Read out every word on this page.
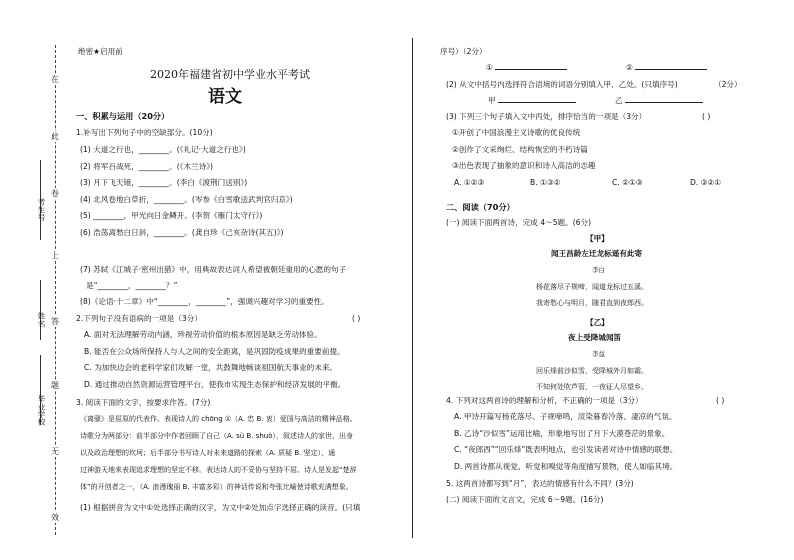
在
此
卷
上
答
题
无
效
考生号
姓名
毕业学校
绝密★启用前
2020年福建省初中学业水平考试
语文
一、积累与运用（20分）
1.补写出下列句子中的空缺部分。(10分)
(1) 大道之行也，________。(《礼记·大道之行也》)
(2) 将军百战死，________。(《木兰诗》)
(3) 月下飞天镜，________。(李白《渡荆门送别》)
(4) 北风卷地白草折，________。(岑参《白雪歌送武判官归京》)
(5) ________，甲光向日金鳞开。(李贺《雁门太守行》)
(6) 浩荡离愁白日斜，________。(龚自珍《己亥杂诗(其五)》)
(7) 苏轼《江城子·密州出猎》中，用典故表达词人希望被朝廷重用的心愿的句子
是“________，________？”
(8)《论语·十二章》中“________，________”，强调兴趣对学习的重要性。
2.下列句子没有语病的一项是（3分）	( )
A. 面对无法理解劳动内涵，珍视劳动价值的根本原因是缺乏劳动体验。
B. 能否在公众场所保持人与人之间的安全距离，是巩固防疫成果的重要前提。
C. 为加快边会的老科学家们攻解一堂，共鼓舞地畅谈祖国航天事业的未来。
D. 通过推动自然资源运营管理平台，使我市实现生态保护和经济发展的平衡。
3. 阅读下面的文字，按要求作答。(7分)
《离骚》是屈原的代表作。表现诗人的 chōng ①（A. 忠 B. 衷）爱国与高洁的精神品格。
诗歌分为两部分：前半部分中作者回顾了自己（A. sù B. shuò），叙述诗人的家世、出身
以及政治理想的坎坷；后半部分书写诗人对未来道路的探索（A. 质疑 B. 坚定），通
过神游天地来表现追求理想的坚定不移。表达诗人的不妥协与坚持不屈。诗人是发起“楚辞
体”的开创者之一，（A. 浪漫瑰丽 B. 丰富多彩）的神话传说和夸张比喻使诗歌充满想象。
(1) 根据拼音为文中①处选择正确的汉字，为文中②处加点字选择正确的读音。(只填
序号）（2分）
①	②
(2) 从文中括号内选择符合语境的词语分别填入甲、乙处。(只填序号)	（2分）
甲	乙
(3) 下列三个句子填入文中丙处，排序恰当的一项是（3分）	( )
①开创了中国浪漫主义诗歌的优良传统
②创作了文采绚烂、结构恢宏的不朽诗篇
③出色表现了抽象的意识和诗人高洁的志趣
A. ①②③	B. ①③②	C. ②①③	D. ③②①
二、阅读（70分）
(一) 阅读下面两首诗，完成 4～5题。(6分)
【甲】
闻王昌龄左迁龙标遥有此寄
李白
杨花落尽子规啼，闻道龙标过五溪。
我寄愁心与明月，随君直到夜郎西。
【乙】
夜上受降城闻笛
李益
回乐烽前沙似雪，受降城外月如霜。
不知何处吹芦管，一夜征人尽望乡。
4. 下列对这两首诗的理解和分析，不正确的一项是（3分）	( )
A. 甲诗开篇写杨花落尽、子规啼鸣，渲染暮春冷落、凄凉的气氛。
B. 乙诗“沙似雪”运用比喻，形象地写出了月下大漠苍茫的景象。
C. “夜郎西”“回乐烽”既表明地点，也引发读者对诗中情感的联想。
D. 两首诗都从视觉、听觉和嗅觉等角度描写景物，使人如临其境。
5. 这两首诗都写到“月”，表达的情感有什么不同？(3分)
(二) 阅读下面的文言文，完成 6～9题。(16分)
